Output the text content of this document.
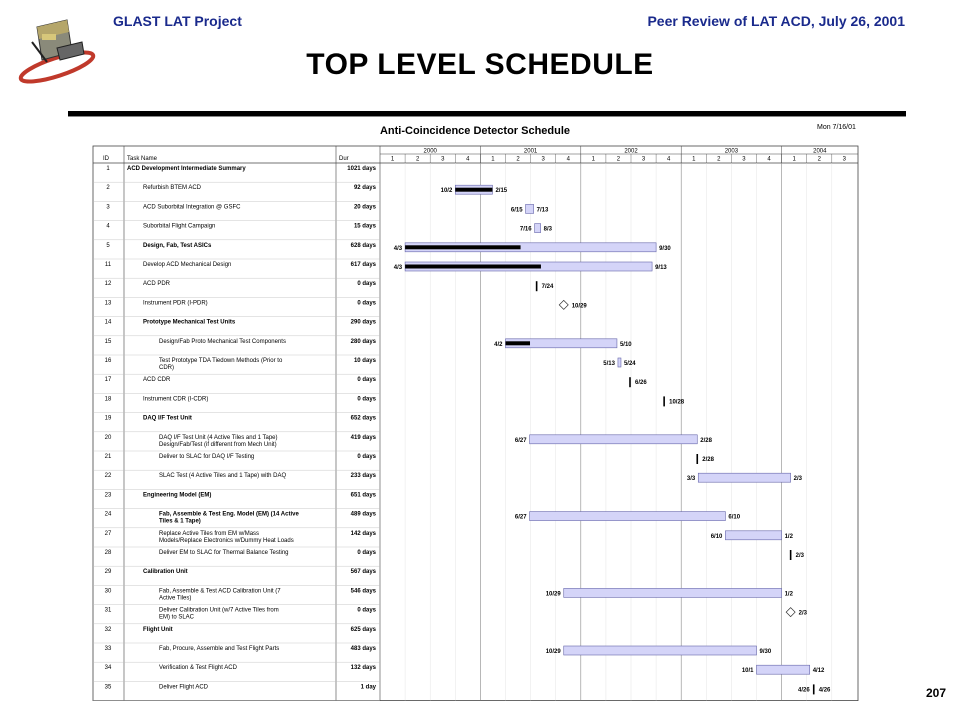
GLAST LAT Project	Peer Review of LAT ACD, July 26, 2001
TOP LEVEL SCHEDULE
Anti-Coincidence Detector Schedule	Mon 7/16/01
ID	Task Name	Dur
2000	2001	2002	2003	2004
1	2	3	4	1	2	3	4	1	2	3	4	1	2	3	4	1	2	3
1	ACD Development Intermediate Summary	1021 days
2	Refurbish BTEM ACD	92 days	10/2	2/15
3	ACD Suborbital Integration @ GSFC	20 days	6/15 7/13
4	Suborbital Flight Campaign	15 days	7/16 8/3
5	Design, Fab, Test ASICs	628 days	4/3	9/30
11	Develop ACD Mechanical Design	617 days	4/3	9/13
12	ACD PDR	0 days	7/24
13	Instrument PDR (I-PDR)	0 days	10/29
14	Prototype Mechanical Test Units	290 days
15	Design/Fab Proto Mechanical Test Components	280 days	4/2	5/10
16	Test Prototype TDA Tiedown Methods (Prior to
CDR)
10 days	5/13 5/24
17	ACD CDR	0 days	6/26
18	Instrument CDR (I-CDR)	0 days	10/28
19	DAQ I/F Test Unit	652 days
20	DAQ I/F Test Unit (4 Active Tiles and 1 Tape)
Design/Fab/Test (if different from Mech Unit)
419 days	6/27	2/28
21	Deliver to SLAC for DAQ I/F Testing	0 days	2/28
22	SLAC Test (4 Active Tiles and 1 Tape) with DAQ	233 days	3/3	2/3
23	Engineering Model (EM)	651 days
24	Fab, Assemble & Test Eng. Model (EM) (14 Active
Tiles & 1 Tape)
489 days	6/27	6/10
27	Replace Active Tiles from EM w/Mass
Models/Replace Electronics w/Dummy Heat Loads
142 days	6/10	1/2
28	Deliver EM to SLAC for Thermal Balance Testing	0 days	2/3
29	Calibration Unit	567 days
30	Fab, Assemble & Test ACD Calibration Unit (7
Active Tiles)
546 days	10/29	1/2
31	Deliver Calibration Unit (w/7 Active Tiles from
EM) to SLAC
0 days	2/3
32	Flight Unit	625 days
33	Fab, Procure, Assemble and Test Flight Parts	483 days	10/29	9/30
34	Verification & Test Flight ACD	132 days	10/1	4/12
35	Deliver Flight ACD	1 day	4/26 4/26	207
